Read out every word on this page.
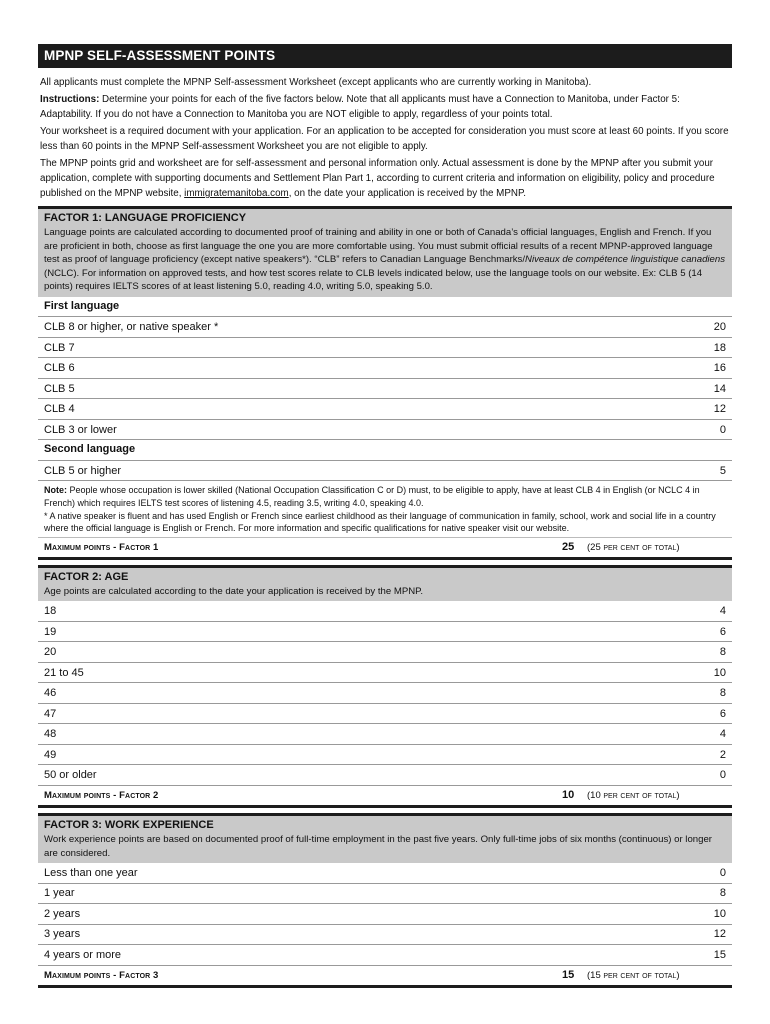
MPNP SELF-ASSESSMENT POINTS

All applicants must complete the MPNP Self-assessment Worksheet (except applicants who are currently working in Manitoba).

Instructions: Determine your points for each of the five factors below. Note that all applicants must have a Connection to Manitoba, under Factor 5: Adaptability. If you do not have a Connection to Manitoba you are NOT eligible to apply, regardless of your points total.

Your worksheet is a required document with your application. For an application to be accepted for consideration you must score at least 60 points. If you score less than 60 points in the MPNP Self-assessment Worksheet you are not eligible to apply.

The MPNP points grid and worksheet are for self-assessment and personal information only. Actual assessment is done by the MPNP after you submit your application, complete with supporting documents and Settlement Plan Part 1, according to current criteria and information on eligibility, policy and procedure published on the MPNP website, immigratemanitoba.com, on the date your application is received by the MPNP.

FACTOR 1: LANGUAGE PROFICIENCY
Language points are calculated according to documented proof of training and ability in one or both of Canada’s official languages, English and French. If you are proficient in both, choose as first language the one you are more comfortable using. You must submit official results of a recent MPNP-approved language test as proof of language proficiency (except native speakers*). “CLB” refers to Canadian Language Benchmarks/Niveaux de compétence linguistique canadiens (NCLC). For information on approved tests, and how test scores relate to CLB levels indicated below, use the language tools on our website. Ex: CLB 5 (14 points) requires IELTS scores of at least listening 5.0, reading 4.0, writing 5.0, speaking 5.0.
First language
CLB 8 or higher, or native speaker *	20
CLB 7	18
CLB 6	16
CLB 5	14
CLB 4	12
CLB 3 or lower	0
Second language
CLB 5 or higher	5

Note: People whose occupation is lower skilled (National Occupation Classification C or D) must, to be eligible to apply, have at least CLB 4 in English (or NCLC 4 in French) which requires IELTS test scores of listening 4.5, reading 3.5, writing 4.0, speaking 4.0.

* A native speaker is fluent and has used English or French since earliest childhood as their language of communication in family, school, work and social life in a country where the official language is English or French. For more information and specific qualifications for native speaker visit our website.

Maximum points - Factor 1	25 (25 per cent of total)
FACTOR 2: AGE
Age points are calculated according to the date your application is received by the MPNP.
18	4
19	6
20	8
21 to 45	10
46	8
47	6
48	4
49	2
50 or older	0
Maximum points - Factor 2	10 (10 per cent of total)
FACTOR 3: WORK EXPERIENCE
Work experience points are based on documented proof of full-time employment in the past five years. Only full-time jobs of six months (continuous) or longer are considered.
Less than one year	0
1 year	8
2 years	10
3 years	12
4 years or more	15
Maximum points - Factor 3	15 (15 per cent of total)
